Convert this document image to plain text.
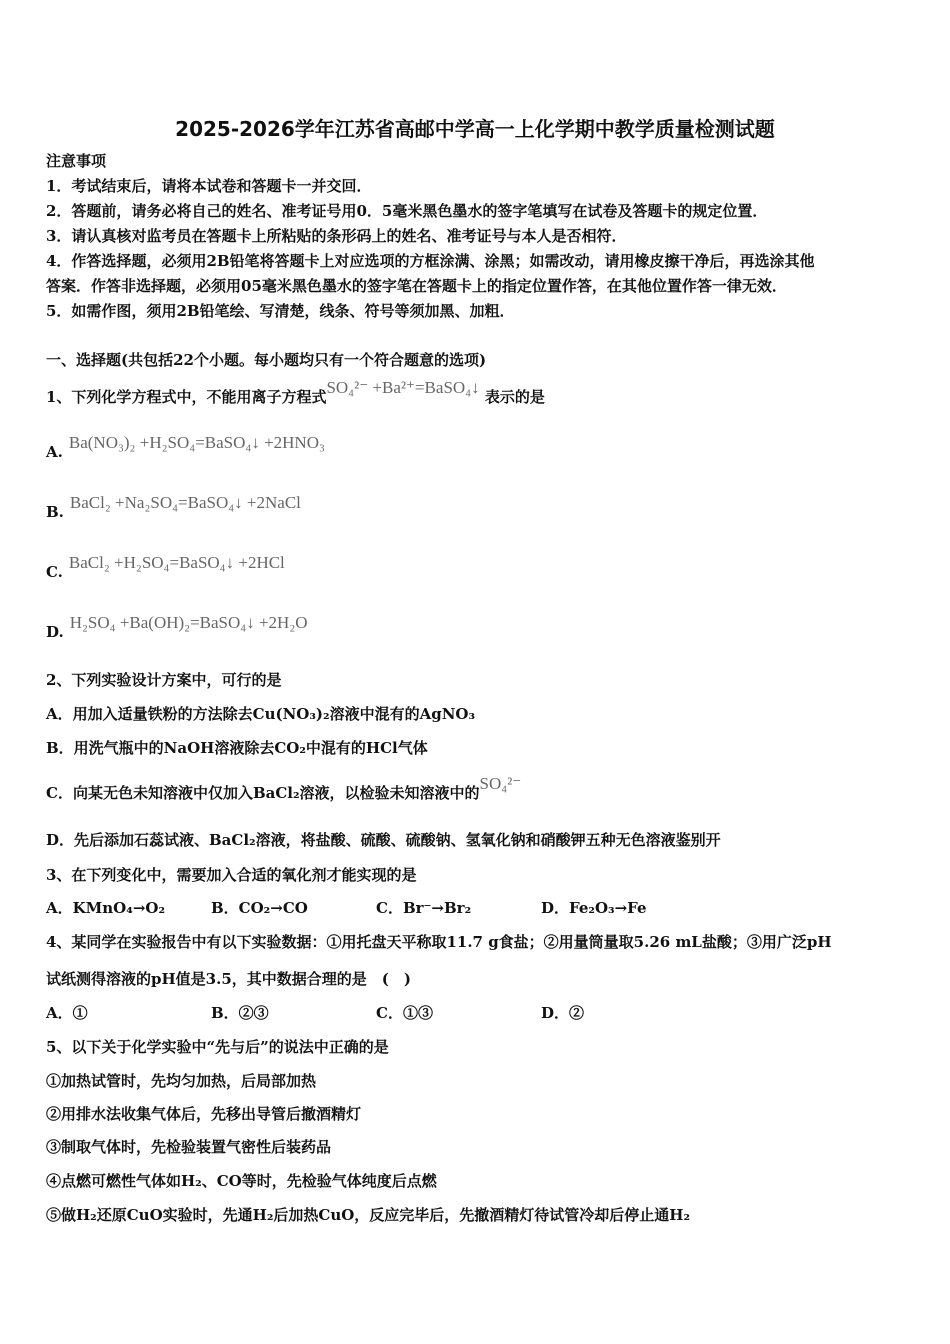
2025-2026学年江苏省高邮中学高一上化学期中教学质量检测试题
注意事项
1．考试结束后，请将本试卷和答题卡一并交回．
2．答题前，请务必将自己的姓名、准考证号用0．5毫米黑色墨水的签字笔填写在试卷及答题卡的规定位置．
3．请认真核对监考员在答题卡上所粘贴的条形码上的姓名、准考证号与本人是否相符．
4．作答选择题，必须用2B铅笔将答题卡上对应选项的方框涂满、涂黑；如需改动，请用橡皮擦干净后，再选涂其他
答案．作答非选择题，必须用05毫米黑色墨水的签字笔在答题卡上的指定位置作答，在其他位置作答一律无效．
5．如需作图，须用2B铅笔绘、写清楚，线条、符号等须加黑、加粗．
一、选择题(共包括22个小题。每小题均只有一个符合题意的选项)
1、下列化学方程式中，不能用离子方程式SO₄²⁻ +Ba²⁺=BaSO₄↓ 表示的是
A. Ba(NO₃)₂ +H₂SO₄=BaSO₄↓ +2HNO₃
B. BaCl₂ +Na₂SO₄=BaSO₄↓ +2NaCl
C. BaCl₂ +H₂SO₄=BaSO₄↓ +2HCl
D. H₂SO₄ +Ba(OH)₂=BaSO₄↓ +2H₂O
2、下列实验设计方案中，可行的是
A．用加入适量铁粉的方法除去Cu(NO₃)₂溶液中混有的AgNO₃
B．用洗气瓶中的NaOH溶液除去CO₂中混有的HCl气体
C．向某无色未知溶液中仅加入BaCl₂溶液，以检验未知溶液中的SO₄²⁻
D．先后添加石蕊试液、BaCl₂溶液，将盐酸、硫酸、硫酸钠、氢氧化钠和硝酸钾五种无色溶液鉴别开
3、在下列变化中，需要加入合适的氧化剂才能实现的是
A．KMnO₄→O₂	B．CO₂→CO	C．Br⁻→Br₂	D．Fe₂O₃→Fe
4、某同学在实验报告中有以下实验数据：①用托盘天平称取11.7 g食盐；②用量筒量取5.26 mL盐酸；③用广泛pH
试纸测得溶液的pH值是3.5，其中数据合理的是　(　)
A．①	B．②③	C．①③	D．②
5、以下关于化学实验中“先与后”的说法中正确的是
①加热试管时，先均匀加热，后局部加热
②用排水法收集气体后，先移出导管后撤酒精灯
③制取气体时，先检验装置气密性后装药品
④点燃可燃性气体如H₂、CO等时，先检验气体纯度后点燃
⑤做H₂还原CuO实验时，先通H₂后加热CuO，反应完毕后，先撤酒精灯待试管冷却后停止通H₂
